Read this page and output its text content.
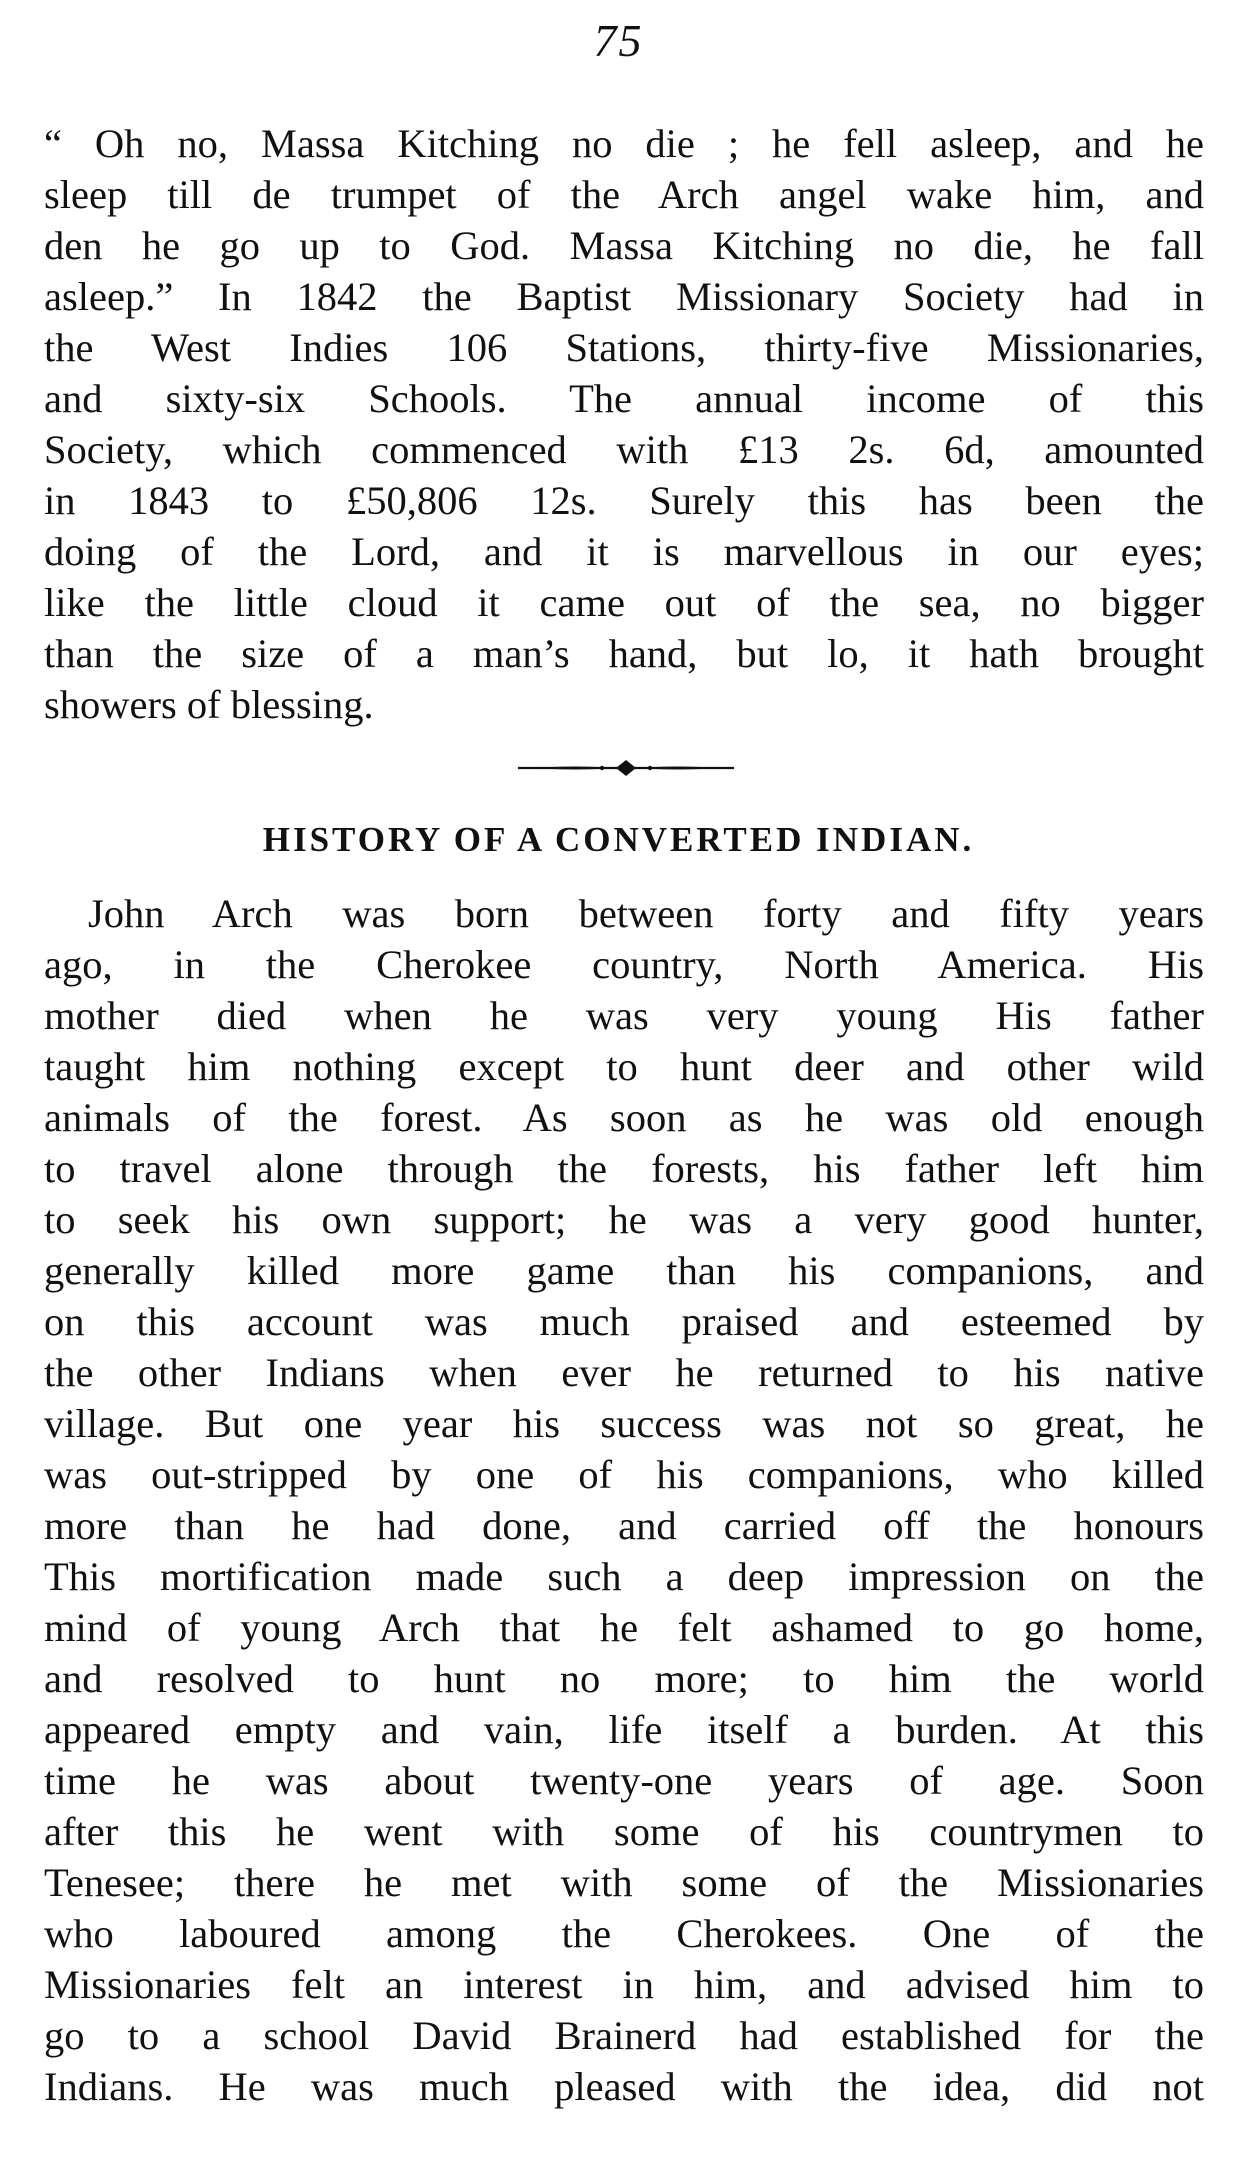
75
“ Oh no, Massa Kitching no die ; he fell asleep, and he
sleep till de trumpet of the Arch angel wake him, and
den he go up to God. Massa Kitching no die, he fall
asleep.” In 1842 the Baptist Missionary Society had in
the West Indies 106 Stations, thirty-five Missionaries,
and sixty-six Schools. The annual income of this
Society, which commenced with £13 2s. 6d, amounted
in 1843 to £50,806 12s. Surely this has been the
doing of the Lord, and it is marvellous in our eyes;
like the little cloud it came out of the sea, no bigger
than the size of a man’s hand, but lo, it hath brought
showers of blessing.
HISTORY OF A CONVERTED INDIAN.
John Arch was born between forty and fifty years
ago, in the Cherokee country, North America. His
mother died when he was very young His father
taught him nothing except to hunt deer and other wild
animals of the forest. As soon as he was old enough
to travel alone through the forests, his father left him
to seek his own support; he was a very good hunter,
generally killed more game than his companions, and
on this account was much praised and esteemed by
the other Indians when ever he returned to his native
village. But one year his success was not so great, he
was out-stripped by one of his companions, who killed
more than he had done, and carried off the honours
This mortification made such a deep impression on the
mind of young Arch that he felt ashamed to go home,
and resolved to hunt no more; to him the world
appeared empty and vain, life itself a burden. At this
time he was about twenty-one years of age. Soon
after this he went with some of his countrymen to
Tenesee; there he met with some of the Missionaries
who laboured among the Cherokees. One of the
Missionaries felt an interest in him, and advised him to
go to a school David Brainerd had established for the
Indians. He was much pleased with the idea, did not
